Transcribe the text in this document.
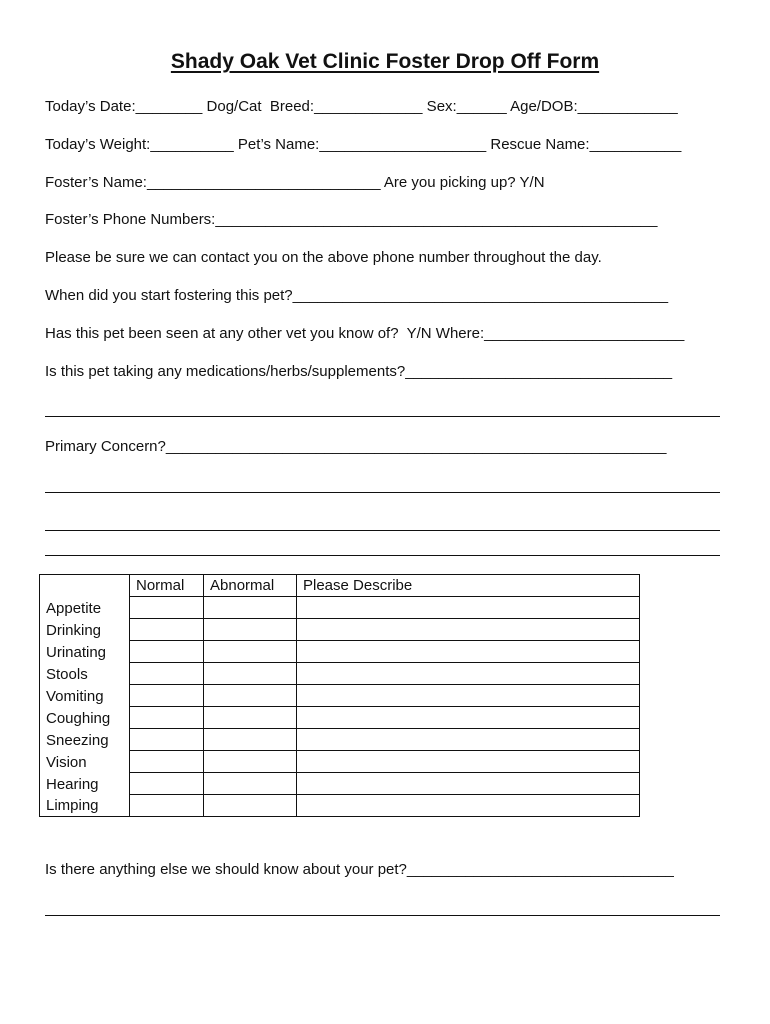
Shady Oak Vet Clinic Foster Drop Off Form
Today’s Date:________ Dog/Cat  Breed:_____________ Sex:______ Age/DOB:____________
Today’s Weight:__________ Pet’s Name:____________________ Rescue Name:___________
Foster’s Name:____________________________ Are you picking up? Y/N
Foster’s Phone Numbers:_____________________________________________________
Please be sure we can contact you on the above phone number throughout the day.
When did you start fostering this pet?_____________________________________________
Has this pet been seen at any other vet you know of?  Y/N Where:________________________
Is this pet taking any medications/herbs/supplements?________________________________
Primary Concern?____________________________________________________________
	Normal	Abnormal	Please Describe
Appetite			
Drinking			
Urinating			
Stools			
Vomiting			
Coughing			
Sneezing			
Vision			
Hearing			
Limping			
Is there anything else we should know about your pet?________________________________
